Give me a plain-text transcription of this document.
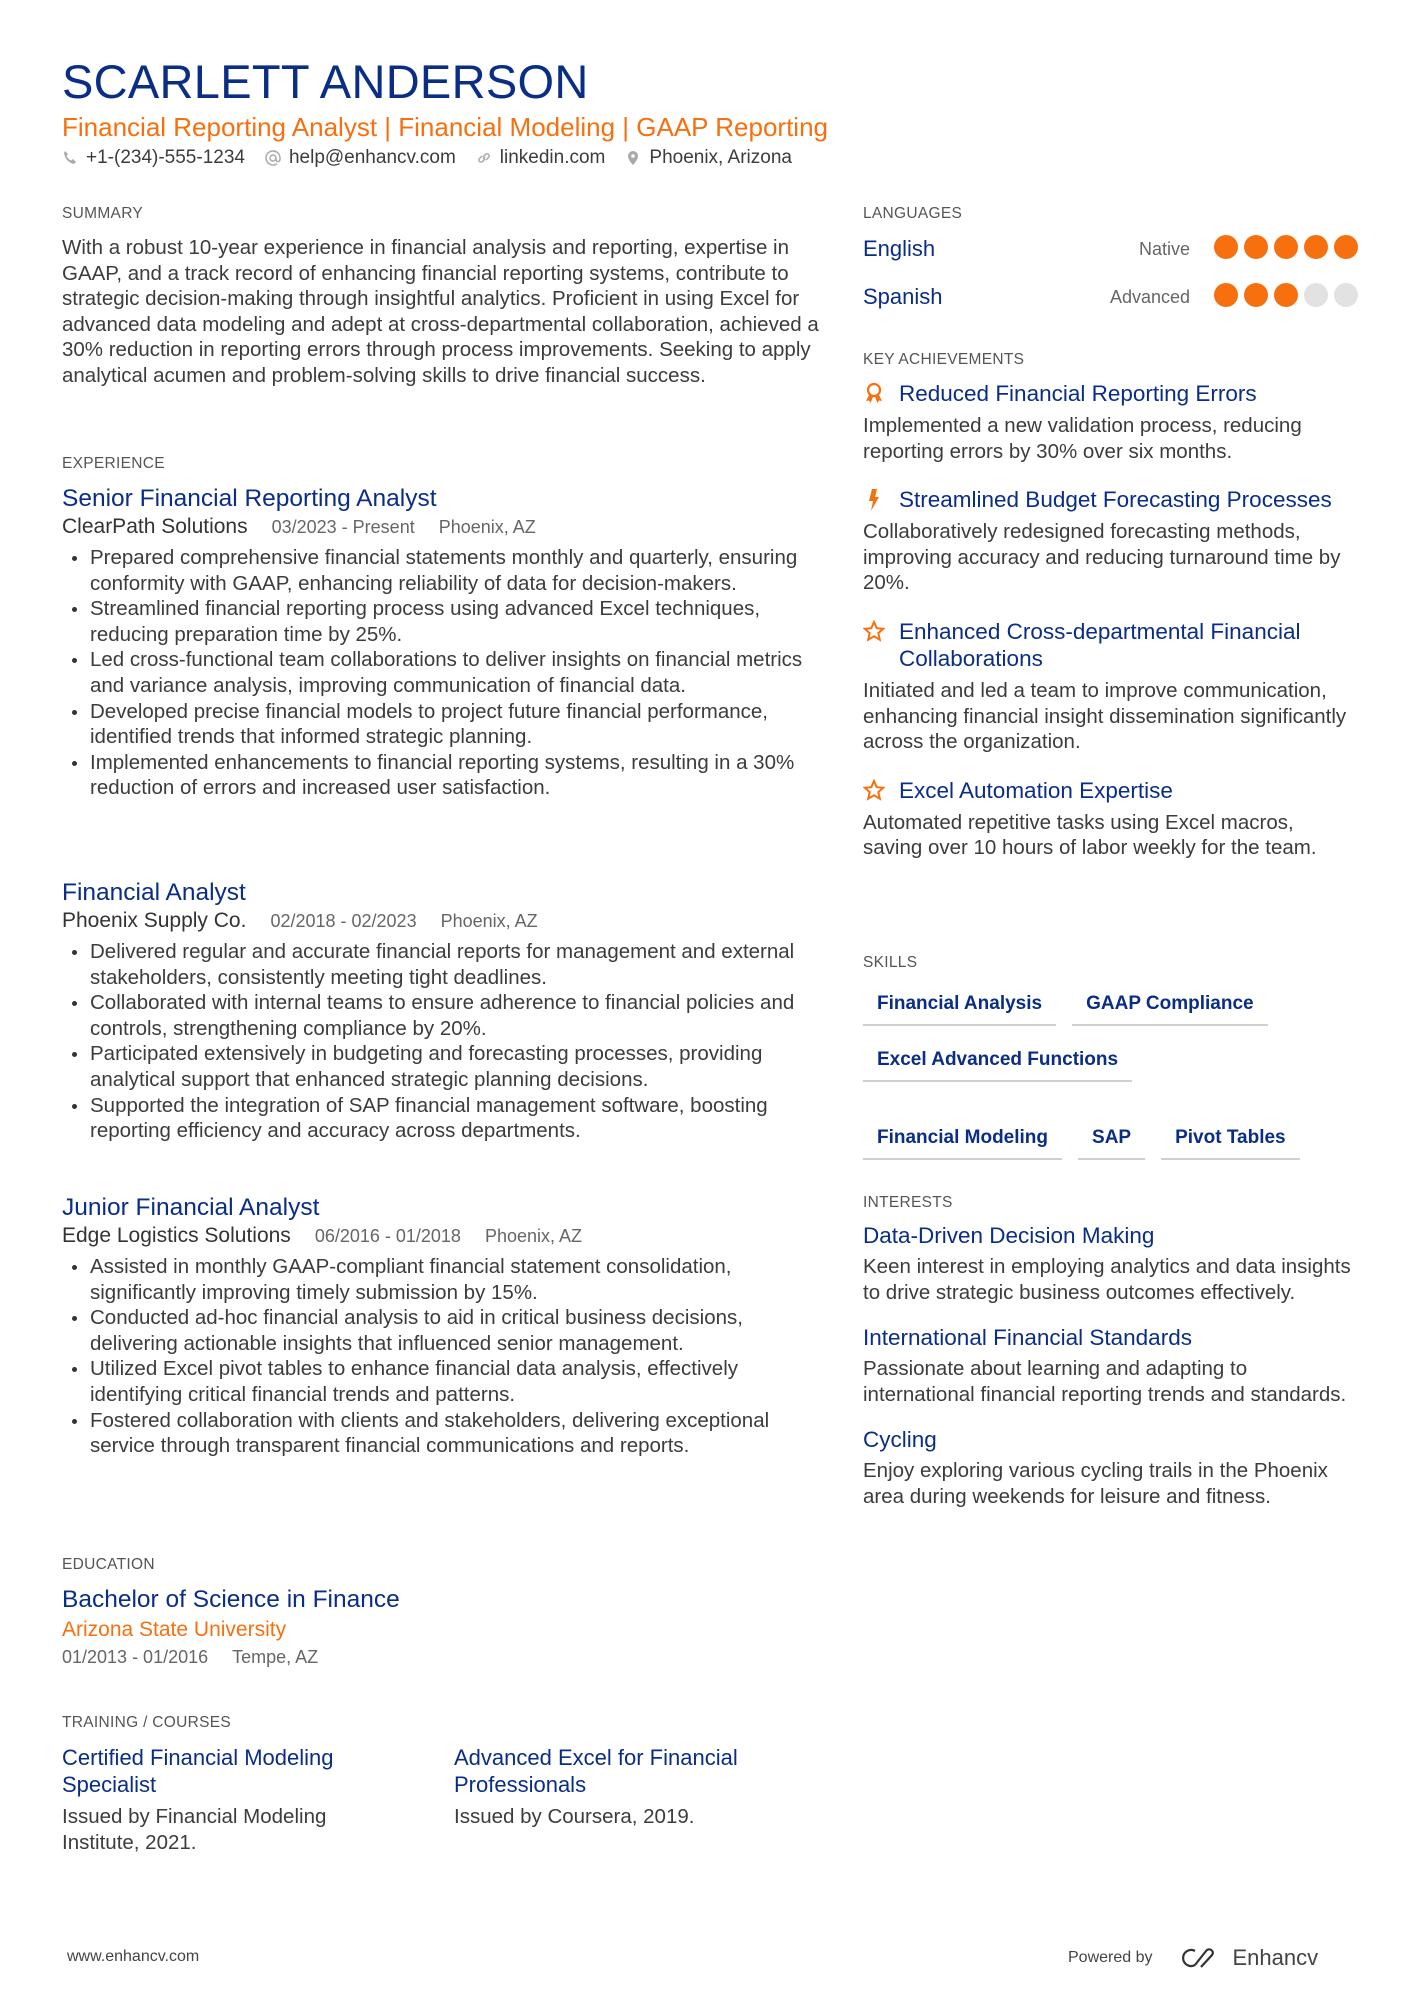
SCARLETT ANDERSON
Financial Reporting Analyst | Financial Modeling | GAAP Reporting
+1-(234)-555-1234 help@enhancv.com linkedin.com Phoenix, Arizona
SUMMARY
With a robust 10-year experience in financial analysis and reporting, expertise in GAAP, and a track record of enhancing financial reporting systems, contribute to strategic decision-making through insightful analytics. Proficient in using Excel for advanced data modeling and adept at cross-departmental collaboration, achieved a 30% reduction in reporting errors through process improvements. Seeking to apply analytical acumen and problem-solving skills to drive financial success.
EXPERIENCE
Senior Financial Reporting Analyst
ClearPath Solutions 03/2023 - Present Phoenix, AZ
Prepared comprehensive financial statements monthly and quarterly, ensuring conformity with GAAP, enhancing reliability of data for decision-makers.
Streamlined financial reporting process using advanced Excel techniques, reducing preparation time by 25%.
Led cross-functional team collaborations to deliver insights on financial metrics and variance analysis, improving communication of financial data.
Developed precise financial models to project future financial performance, identified trends that informed strategic planning.
Implemented enhancements to financial reporting systems, resulting in a 30% reduction of errors and increased user satisfaction.
Financial Analyst
Phoenix Supply Co. 02/2018 - 02/2023 Phoenix, AZ
Delivered regular and accurate financial reports for management and external stakeholders, consistently meeting tight deadlines.
Collaborated with internal teams to ensure adherence to financial policies and controls, strengthening compliance by 20%.
Participated extensively in budgeting and forecasting processes, providing analytical support that enhanced strategic planning decisions.
Supported the integration of SAP financial management software, boosting reporting efficiency and accuracy across departments.
Junior Financial Analyst
Edge Logistics Solutions 06/2016 - 01/2018 Phoenix, AZ
Assisted in monthly GAAP-compliant financial statement consolidation, significantly improving timely submission by 15%.
Conducted ad-hoc financial analysis to aid in critical business decisions, delivering actionable insights that influenced senior management.
Utilized Excel pivot tables to enhance financial data analysis, effectively identifying critical financial trends and patterns.
Fostered collaboration with clients and stakeholders, delivering exceptional service through transparent financial communications and reports.
EDUCATION
Bachelor of Science in Finance
Arizona State University
01/2013 - 01/2016 Tempe, AZ
TRAINING / COURSES
Certified Financial Modeling Specialist
Issued by Financial Modeling Institute, 2021.
Advanced Excel for Financial Professionals
Issued by Coursera, 2019.
LANGUAGES
English	Native
Spanish	Advanced
KEY ACHIEVEMENTS
Reduced Financial Reporting Errors
Implemented a new validation process, reducing reporting errors by 30% over six months.
Streamlined Budget Forecasting Processes
Collaboratively redesigned forecasting methods, improving accuracy and reducing turnaround time by 20%.
Enhanced Cross-departmental Financial Collaborations
Initiated and led a team to improve communication, enhancing financial insight dissemination significantly across the organization.
Excel Automation Expertise
Automated repetitive tasks using Excel macros, saving over 10 hours of labor weekly for the team.
SKILLS
Financial Analysis	GAAP Compliance
Excel Advanced Functions
Financial Modeling	SAP	Pivot Tables
INTERESTS
Data-Driven Decision Making
Keen interest in employing analytics and data insights to drive strategic business outcomes effectively.
International Financial Standards
Passionate about learning and adapting to international financial reporting trends and standards.
Cycling
Enjoy exploring various cycling trails in the Phoenix area during weekends for leisure and fitness.
www.enhancv.com	Powered by	Enhancv
